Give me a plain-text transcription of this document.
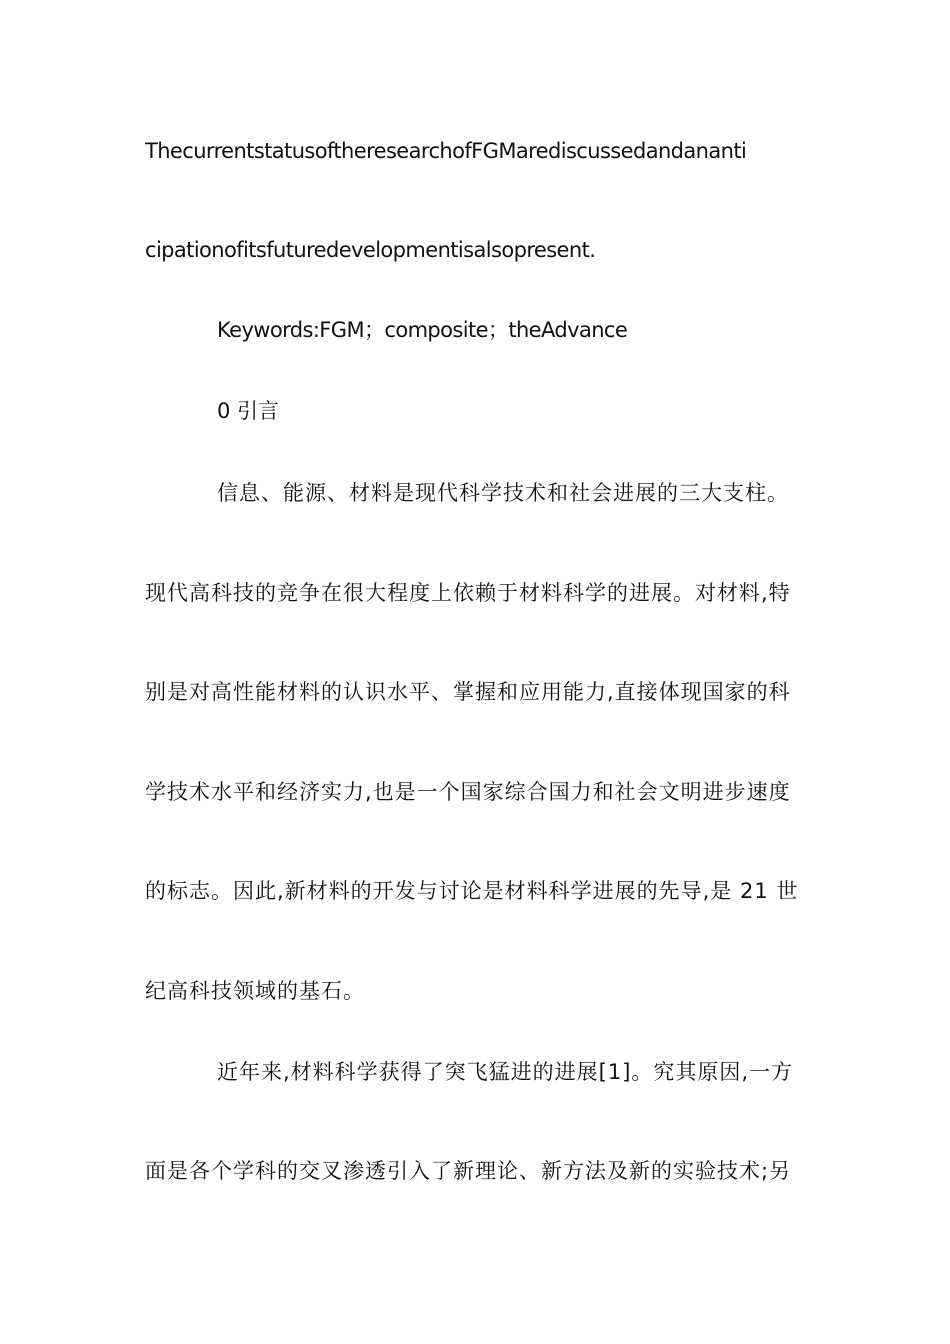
ThecurrentstatusoftheresearchofFGMarediscussedandananti
cipationofitsfuturedevelopmentisalsopresent.
Keywords:FGM；composite；theAdvance
0 引言
信息、能源、材料是现代科学技术和社会进展的三大支柱。
现代高科技的竞争在很大程度上依赖于材料科学的进展。对材料,特
别是对高性能材料的认识水平、掌握和应用能力,直接体现国家的科
学技术水平和经济实力,也是一个国家综合国力和社会文明进步速度
的标志。因此,新材料的开发与讨论是材料科学进展的先导,是 21 世
纪高科技领域的基石。
近年来,材料科学获得了突飞猛进的进展[1]。究其原因,一方
面是各个学科的交叉渗透引入了新理论、新方法及新的实验技术;另
